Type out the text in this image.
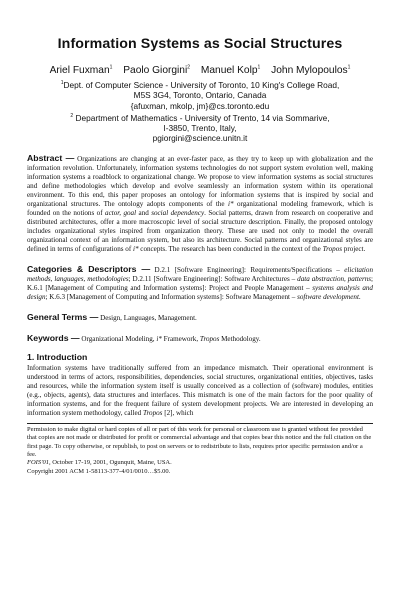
Information Systems as Social Structures
Ariel Fuxman$^1$ Paolo Giorgini$^2$ Manuel Kolp$^1$ John Mylopoulos$^1$
$^1$Dept. of Computer Science - University of Toronto, 10 King's College Road,
M5S 3G4, Toronto, Ontario, Canada
{afuxman, mkolp, jm}@cs.toronto.edu
$^2$ Department of Mathematics - University of Trento, 14 via Sommarive,
I-3850, Trento, Italy,
pgiorgini@science.unitn.it

Abstract — Organizations are changing at an ever-faster pace, as they try to keep up with globalization and the information revolution. Unfortunately, information systems technologies do not support system evolution well, making information systems a roadblock to organizational change. We propose to view information systems as social structures and define methodologies which develop and evolve seamlessly an information system within its operational environment. To this end, this paper proposes an ontology for information systems that is inspired by social and organizational structures. The ontology adopts components of the i* organizational modeling framework, which is founded on the notions of actor, goal and social dependency. Social patterns, drawn from research on cooperative and distributed architectures, offer a more macroscopic level of social structure description. Finally, the proposed ontology includes organizational styles inspired from organization theory. These are used not only to model the overall organizational context of an information system, but also its architecture. Social patterns and organizational styles are defined in terms of configurations of i* concepts. The research has been conducted in the context of the Tropos project.

Categories & Descriptors — D.2.1 [Software Engineering]: Requirements/Specifications – elicitation methods, languages, methodologies; D.2.11 [Software Engineering]: Software Architectures – data abstraction, patterns; K.6.1 [Management of Computing and Information systems]: Project and People Management – systems analysis and design; K.6.3 [Management of Computing and Information systems]: Software Management – software development.

General Terms — Design, Languages, Management.

Keywords — Organizational Modeling, i* Framework, Tropos Methodology.

1. Introduction

Information systems have traditionally suffered from an impedance mismatch. Their operational environment is understood in terms of actors, responsibilities, dependencies, social structures, organizational entities, objectives, tasks and resources, while the information system itself is usually conceived as a collection of (software) modules, entities (e.g., objects, agents), data structures and interfaces. This mismatch is one of the main factors for the poor quality of information systems, and for the frequent failure of system development projects. We are interested in developing an information system methodology, called Tropos [2], which

Permission to make digital or hard copies of all or part of this work for personal or classroom use is granted without fee provided that copies are not made or distributed for profit or commercial advantage and that copies bear this notice and the full citation on the first page. To copy otherwise, or republish, to post on servers or to redistribute to lists, requires prior specific permission and/or a fee.

FOIS'01, October 17-19, 2001, Ogunquit, Maine, USA.

Copyright 2001 ACM 1-58113-377-4/01/0010…$5.00.
